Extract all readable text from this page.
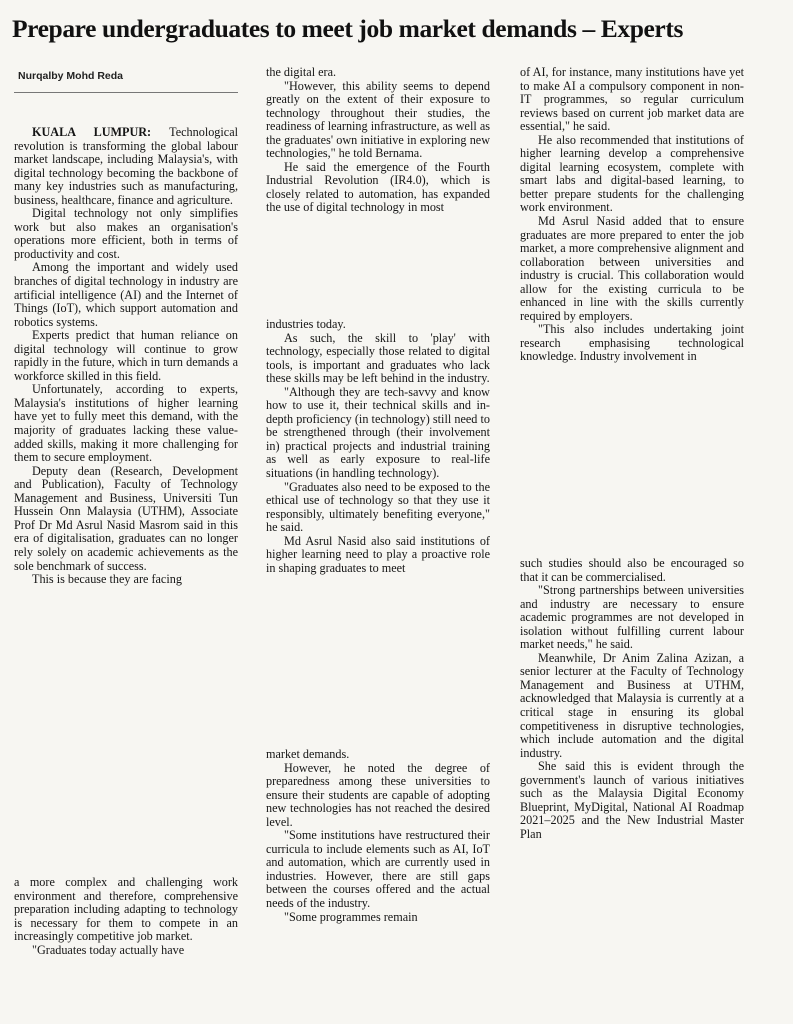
Prepare undergraduates to meet job market demands – Experts
Nurqalby Mohd Reda

KUALA LUMPUR: Technological revolution is transforming the global labour market landscape, including Malaysia's, with digital technology becoming the backbone of many key industries such as manufacturing, business, healthcare, finance and agriculture.

Digital technology not only simplifies work but also makes an organisation's operations more efficient, both in terms of productivity and cost.

Among the important and widely used branches of digital technology in industry are artificial intelligence (AI) and the Internet of Things (IoT), which support automation and robotics systems.

Experts predict that human reliance on digital technology will continue to grow rapidly in the future, which in turn demands a workforce skilled in this field.

Unfortunately, according to experts, Malaysia's institutions of higher learning have yet to fully meet this demand, with the majority of graduates lacking these value-added skills, making it more challenging for them to secure employment.

Deputy dean (Research, Development and Publication), Faculty of Technology Management and Business, Universiti Tun Hussein Onn Malaysia (UTHM), Associate Prof Dr Md Asrul Nasid Masrom said in this era of digitalisation, graduates can no longer rely solely on academic achievements as the sole benchmark of success.

This is because they are facing

a more complex and challenging work environment and therefore, comprehensive preparation including adapting to technology is necessary for them to compete in an increasingly competitive job market.

"Graduates today actually have

the digital era.

"However, this ability seems to depend greatly on the extent of their exposure to technology throughout their studies, the readiness of learning infrastructure, as well as the graduates' own initiative in exploring new technologies," he told Bernama.

He said the emergence of the Fourth Industrial Revolution (IR4.0), which is closely related to automation, has expanded the use of digital technology in most

industries today.

As such, the skill to 'play' with technology, especially those related to digital tools, is important and graduates who lack these skills may be left behind in the industry.

"Although they are tech-savvy and know how to use it, their technical skills and in-depth proficiency (in technology) still need to be strengthened through (their involvement in) practical projects and industrial training as well as early exposure to real-life situations (in handling technology).

"Graduates also need to be exposed to the ethical use of technology so that they use it responsibly, ultimately benefiting everyone," he said.

Md Asrul Nasid also said institutions of higher learning need to play a proactive role in shaping graduates to meet

market demands.

However, he noted the degree of preparedness among these universities to ensure their students are capable of adopting new technologies has not reached the desired level.

"Some institutions have restructured their curricula to include elements such as AI, IoT and automation, which are currently used in industries. However, there are still gaps between the courses offered and the actual needs of the industry.

"Some programmes remain

of AI, for instance, many institutions have yet to make AI a compulsory component in non-IT programmes, so regular curriculum reviews based on current job market data are essential," he said.

He also recommended that institutions of higher learning develop a comprehensive digital learning ecosystem, complete with smart labs and digital-based learning, to better prepare students for the challenging work environment.

Md Asrul Nasid added that to ensure graduates are more prepared to enter the job market, a more comprehensive alignment and collaboration between universities and industry is crucial. This collaboration would allow for the existing curricula to be enhanced in line with the skills currently required by employers.

"This also includes undertaking joint research emphasising technological knowledge. Industry involvement in

such studies should also be encouraged so that it can be commercialised.

"Strong partnerships between universities and industry are necessary to ensure academic programmes are not developed in isolation without fulfilling current labour market needs," he said.

Meanwhile, Dr Anim Zalina Azizan, a senior lecturer at the Faculty of Technology Management and Business at UTHM, acknowledged that Malaysia is currently at a critical stage in ensuring its global competitiveness in disruptive technologies, which include automation and the digital industry.

She said this is evident through the government's launch of various initiatives such as the Malaysia Digital Economy Blueprint, MyDigital, National AI Roadmap 2021–2025 and the New Industrial Master Plan
